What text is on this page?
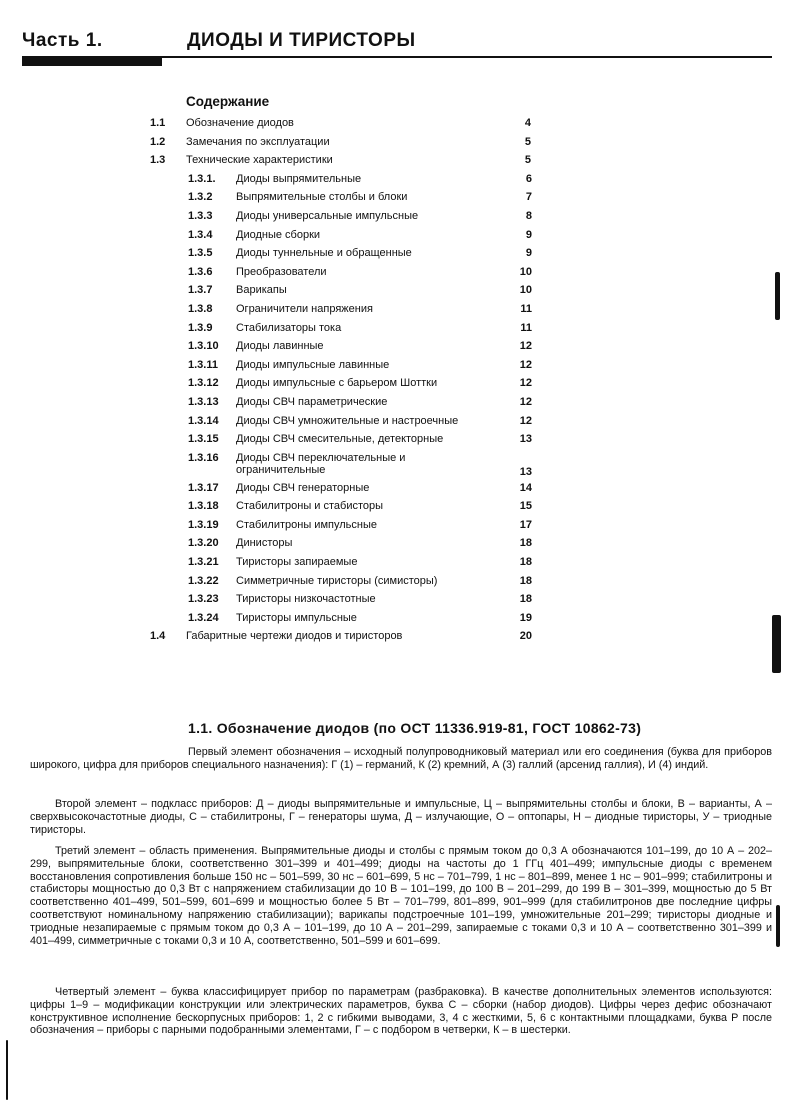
Часть 1.	ДИОДЫ И ТИРИСТОРЫ
Содержание
1.1 Обозначение диодов	4
1.2 Замечания по эксплуатации	5
1.3 Технические характеристики	5
1.3.1. Диоды выпрямительные	6
1.3.2 Выпрямительные столбы и блоки	7
1.3.3 Диоды универсальные импульсные	8
1.3.4 Диодные сборки	9
1.3.5 Диоды туннельные и обращенные	9
1.3.6 Преобразователи	10
1.3.7 Варикапы	10
1.3.8 Ограничители напряжения	11
1.3.9 Стабилизаторы тока	11
1.3.10 Диоды лавинные	12
1.3.11 Диоды импульсные лавинные	12
1.3.12 Диоды импульсные с барьером Шоттки	12
1.3.13 Диоды СВЧ параметрические	12
1.3.14 Диоды СВЧ умножительные и настроечные	12
1.3.15 Диоды СВЧ смесительные, детекторные	13
1.3.16 Диоды СВЧ переключательные и ограничительные	13
1.3.17 Диоды СВЧ генераторные	14
1.3.18 Стабилитроны и стабисторы	15
1.3.19 Стабилитроны импульсные	17
1.3.20 Динисторы	18
1.3.21 Тиристоры запираемые	18
1.3.22 Симметричные тиристоры (симисторы)	18
1.3.23 Тиристоры низкочастотные	18
1.3.24 Тиристоры импульсные	19
1.4 Габаритные чертежи диодов и тиристоров	20
1.1. Обозначение диодов (по ОСТ 11336.919-81, ГОСТ 10862-73)

Первый элемент обозначения – исходный полупроводниковый материал или его соединения (буква для приборов широкого, цифра для приборов специального назначения): Г (1) – германий, К (2) кремний, А (3) галлий (арсенид галлия), И (4) индий.

Второй элемент – подкласс приборов: Д – диоды выпрямительные и импульсные, Ц – выпрямительны столбы и блоки, В – варианты, А – сверхвысокочастотные диоды, С – стабилитроны, Г – генераторы шума, Д – излучающие, О – оптопары, Н – диодные тиристоры, У – триодные тиристоры.

Третий элемент – область применения. Выпрямительные диоды и столбы с прямым током до 0,3 А обозначаются 101–199, до 10 А – 202–299, выпрямительные блоки, соответственно 301–399 и 401–499; диоды на частоты до 1 ГГц 401–499; импульсные диоды с временем восстановления сопротивления больше 150 нс – 501–599, 30 нс – 601–699, 5 нс – 701–799, 1 нс – 801–899, менее 1 нс – 901–999; стабилитроны и стабисторы мощностью до 0,3 Вт с напряжением стабилизации до 10 В – 101–199, до 100 В – 201–299, до 199 В – 301–399, мощностью до 5 Вт соответственно 401–499, 501–599, 601–699 и мощностью более 5 Вт – 701–799, 801–899, 901–999 (для стабилитронов две последние цифры соответствуют номинальному напряжению стабилизации); варикапы подстроечные 101–199, умножительные 201–299; тиристоры диодные и триодные незапираемые с прямым током до 0,3 А – 101–199, до 10 А – 201–299, запираемые с токами 0,3 и 10 А – соответственно 301–399 и 401–499, симметричные с токами 0,3 и 10 А, соответственно, 501–599 и 601–699.

Четвертый элемент – буква классифицирует прибор по параметрам (разбраковка). В качестве дополнительных элементов используются: цифры 1–9 – модификации конструкции или электрических параметров, буква С – сборки (набор диодов). Цифры через дефис обозначают конструктивное исполнение бескорпусных приборов: 1, 2 с гибкими выводами, 3, 4 с жесткими, 5, 6 с контактными площадками, буква Р после обозначения – приборы с парными подобранными элементами, Г – с подбором в четверки, К – в шестерки.
